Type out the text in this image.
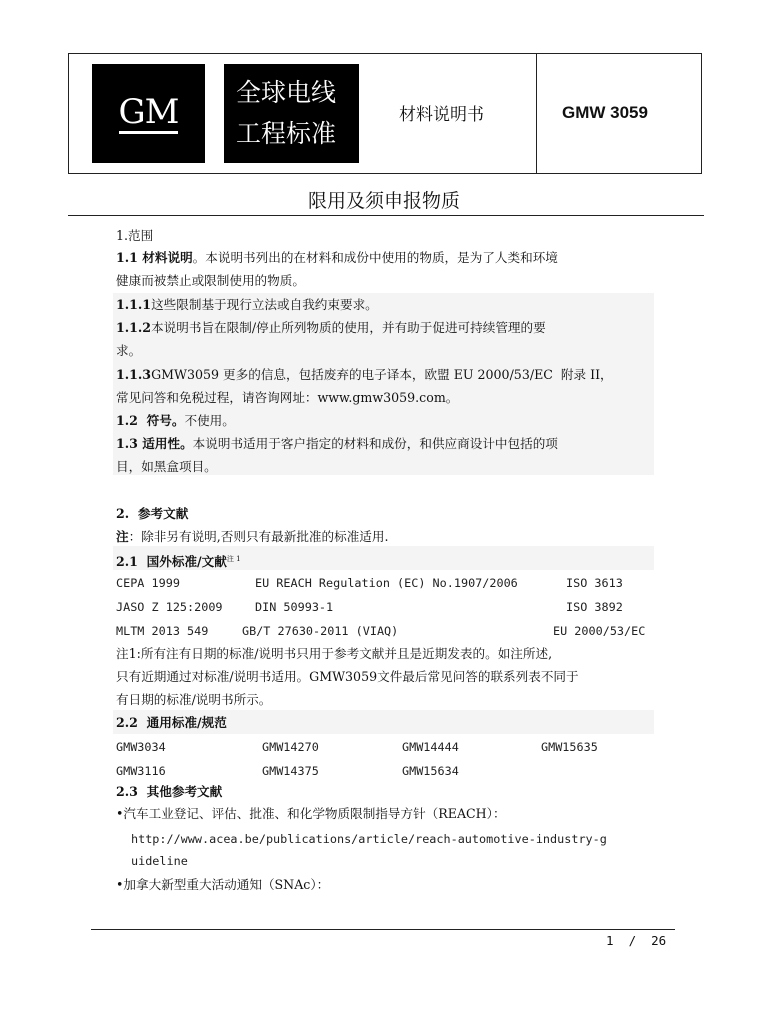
GM 全球电线
工程标准
材料说明书	GMW 3059
限用及须申报物质
1.范围
1.1 材料说明。本说明书列出的在材料和成份中使用的物质，是为了人类和环境
健康而被禁止或限制使用的物质。
1.1.1这些限制基于现行立法或自我约束要求。
1.1.2本说明书旨在限制/停止所列物质的使用，并有助于促进可持续管理的要
求。
1.1.3GMW3059 更多的信息，包括废弃的电子译本，欧盟 EU 2000/53/EC  附录 II，
常见问答和免税过程，请咨询网址：www.gmw3059.com。
1.2  符号。不使用。
1.3 适用性。本说明书适用于客户指定的材料和成份，和供应商设计中包括的项
目，如黑盒项目。
2.  参考文献
注：除非另有说明,否则只有最新批准的标准适用.
2.1  国外标准/文献$^{注 1}$
CEPA 1999	EU REACH Regulation (EC) No.1907/2006	ISO 3613
JASO Z 125:2009	DIN 50993-1	ISO 3892
MLTM 2013 549	GB/T 27630-2011 (VIAQ)	EU 2000/53/EC
注1:所有注有日期的标准/说明书只用于参考文献并且是近期发表的。如注所述,
只有近期通过对标准/说明书适用。GMW3059文件最后常见问答的联系列表不同于
有日期的标准/说明书所示。
2.2  通用标准/规范
GMW3034	GMW14270	GMW14444	GMW15635
GMW3116	GMW14375	GMW15634
2.3  其他参考文献
•汽车工业登记、评估、批准、和化学物质限制指导方针（REACH）：
http://www.acea.be/publications/article/reach-automotive-industry-g
uideline
•加拿大新型重大活动通知（SNAc）：
1  /  26
